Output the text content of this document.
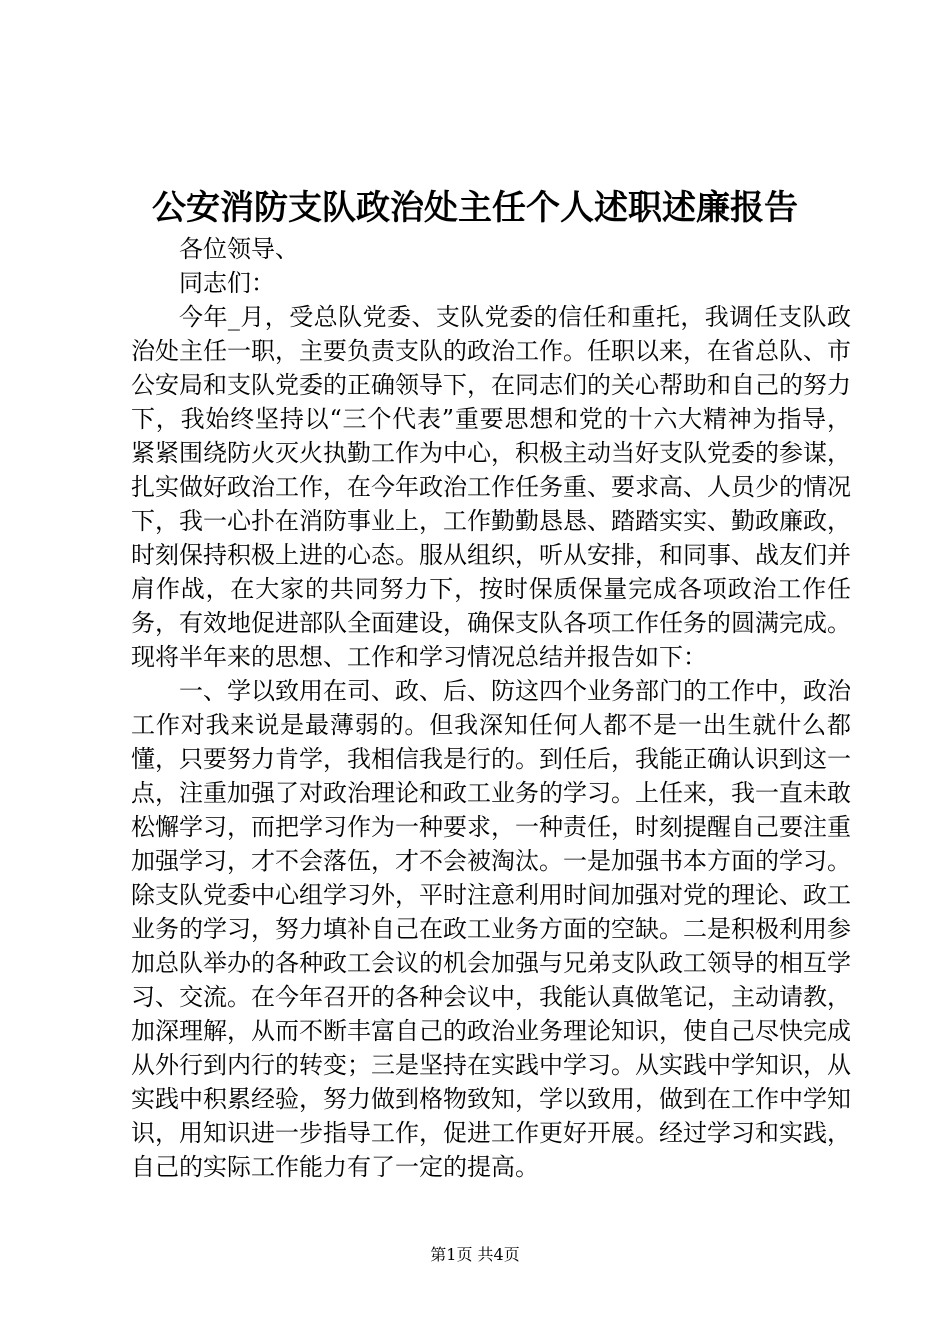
公安消防支队政治处主任个人述职述廉报告

各位领导、

同志们：

今年_月，受总队党委、支队党委的信任和重托，我调任支队政治处主任一职，主要负责支队的政治工作。任职以来，在省总队、市公安局和支队党委的正确领导下，在同志们的关心帮助和自己的努力下，我始终坚持以“三个代表”重要思想和党的十六大精神为指导，紧紧围绕防火灭火执勤工作为中心，积极主动当好支队党委的参谋，扎实做好政治工作，在今年政治工作任务重、要求高、人员少的情况下，我一心扑在消防事业上，工作勤勤恳恳、踏踏实实、勤政廉政，时刻保持积极上进的心态。服从组织，听从安排，和同事、战友们并肩作战，在大家的共同努力下，按时保质保量完成各项政治工作任务，有效地促进部队全面建设，确保支队各项工作任务的圆满完成。现将半年来的思想、工作和学习情况总结并报告如下：

一、学以致用在司、政、后、防这四个业务部门的工作中，政治工作对我来说是最薄弱的。但我深知任何人都不是一出生就什么都懂，只要努力肯学，我相信我是行的。到任后，我能正确认识到这一点，注重加强了对政治理论和政工业务的学习。上任来，我一直未敢松懈学习，而把学习作为一种要求，一种责任，时刻提醒自己要注重加强学习，才不会落伍，才不会被淘汰。一是加强书本方面的学习。除支队党委中心组学习外，平时注意利用时间加强对党的理论、政工业务的学习，努力填补自己在政工业务方面的空缺。二是积极利用参加总队举办的各种政工会议的机会加强与兄弟支队政工领导的相互学习、交流。在今年召开的各种会议中，我能认真做笔记，主动请教，加深理解，从而不断丰富自己的政治业务理论知识，使自己尽快完成从外行到内行的转变；三是坚持在实践中学习。从实践中学知识，从实践中积累经验，努力做到格物致知，学以致用，做到在工作中学知识，用知识进一步指导工作，促进工作更好开展。经过学习和实践，自己的实际工作能力有了一定的提高。

第1页 共4页
